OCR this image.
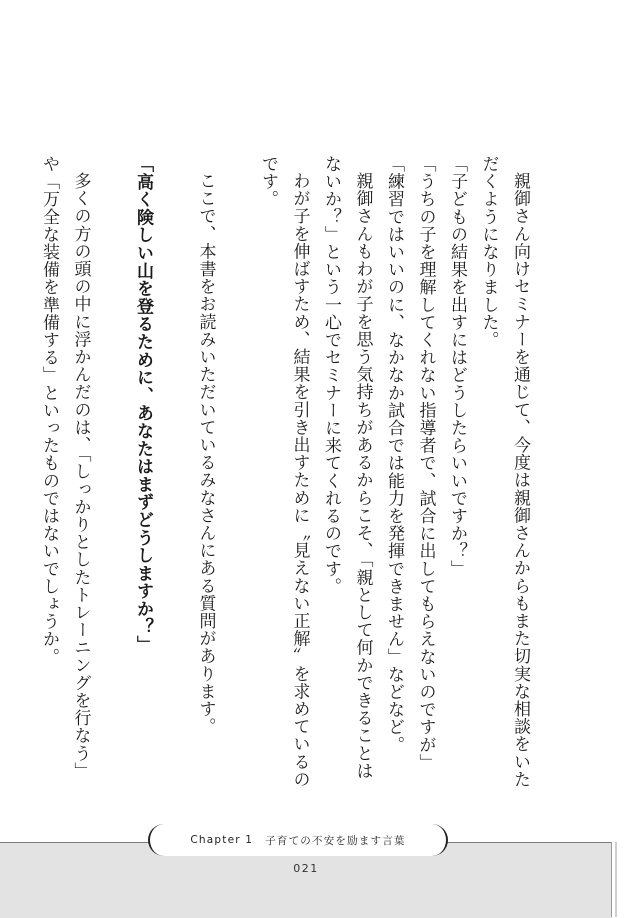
親御さん向けセミナーを通じて、今度は親御さんからもまた切実な相談をいただくようになりました。

「子どもの結果を出すにはどうしたらいいですか？」

「うちの子を理解してくれない指導者で、試合に出してもらえないのですが」

「練習ではいいのに、なかなか試合では能力を発揮できません」などなど。

親御さんもわが子を思う気持ちがあるからこそ、「親として何かできることはないか？」という一心でセミナーに来てくれるのです。

わが子を伸ばすため、結果を引き出すために〝見えない正解〟を求めているのです。

ここで、本書をお読みいただいているみなさんにある質問があります。

「高く険しい山を登るために、あなたはまずどうしますか？」

多くの方の頭の中に浮かんだのは、「しっかりとしたトレーニングを行なう」や「万全な装備を準備する」といったものではないでしょうか。

Chapter 1 子育ての不安を励ます言葉
021
